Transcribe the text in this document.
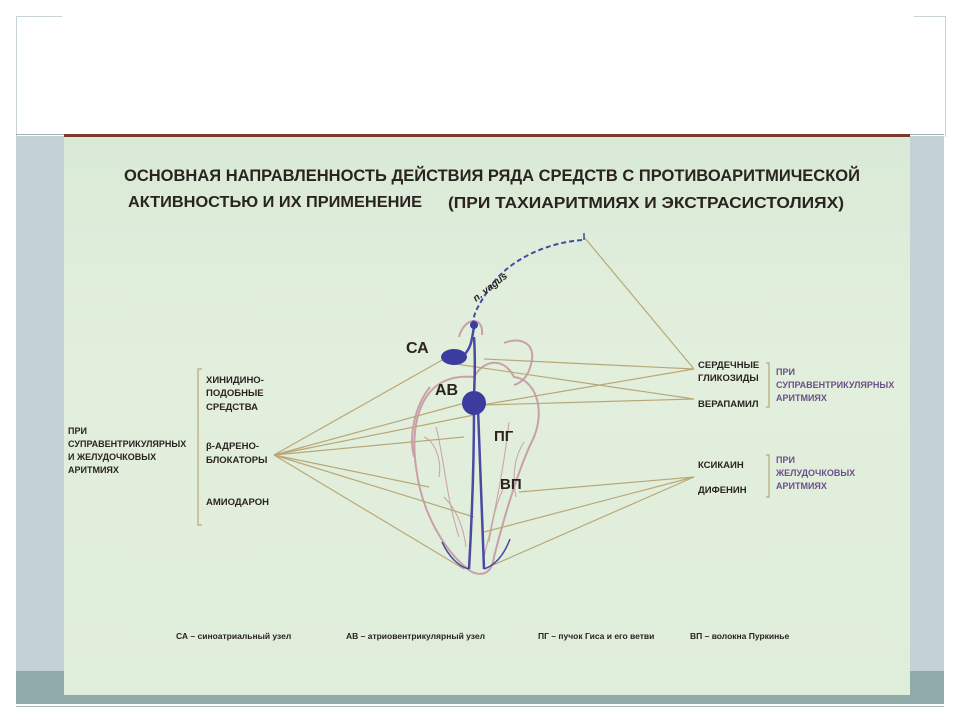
ОСНОВНАЯ НАПРАВЛЕННОСТЬ ДЕЙСТВИЯ РЯДА СРЕДСТВ С ПРОТИВОАРИТМИЧЕСКОЙ
АКТИВНОСТЬЮ И ИХ ПРИМЕНЕНИЕ (ПРИ ТАХИАРИТМИЯХ И ЭКСТРАСИСТОЛИЯХ)
СА
АВ
ПГ
ВП
n. vagus
ХИНИДИНО-
ПОДОБНЫЕ
СРЕДСТВА
β-АДРЕНО-
БЛОКАТОРЫ
АМИОДАРОН
ПРИ
СУПРАВЕНТРИКУЛЯРНЫХ
И ЖЕЛУДОЧКОВЫХ
АРИТМИЯХ
СЕРДЕЧНЫЕ
ГЛИКОЗИДЫ
ВЕРАПАМИЛ
ПРИ
СУПРАВЕНТРИКУЛЯРНЫХ
АРИТМИЯХ
КСИКАИН
ДИФЕНИН
ПРИ
ЖЕЛУДОЧКОВЫХ
АРИТМИЯХ
СА – синоатриальный узел	АВ – атриовентрикулярный узел	ПГ – пучок Гиса и его ветви	ВП – волокна Пуркинье
